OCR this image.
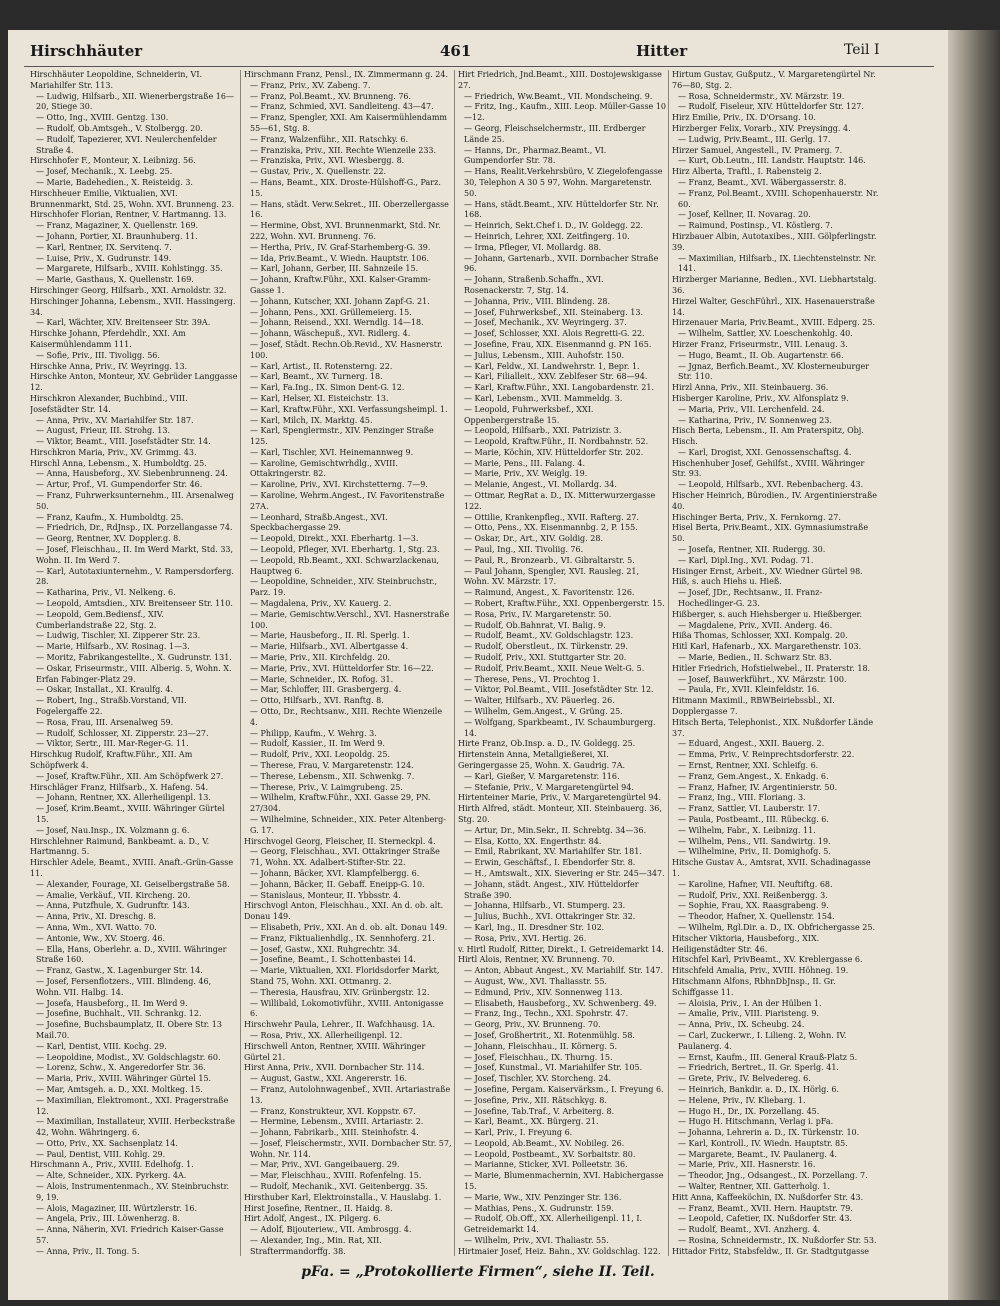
Hirschhäuter	461	Hitter	Teil I

Hirschhäuter Leopoldine, Schneiderin, VI. Mariahilfer Str. 113.

— Ludwig, Hilfsarb., XII. Wienerbergstraße 16—20, Stiege 30.

— Otto, Ing., XVIII. Gentzg. 130.

— Rudolf, Ob.Amtsgeh., V. Stolbergg. 20.

— Rudolf, Tapezierer, XVI. Neulerchenfelder Straße 4.

Hirschhofer F., Monteur, X. Leibnizg. 56.

— Josef, Mechanik., X. Leebg. 25.

— Marie, Badehedien., X. Reisteidg. 3.

Hirschheuer Emilie, Viktualien, XVI. Brunnenmarkt, Std. 25, Wohn. XVI. Brunneng. 23.

Hirschhofer Florian, Rentner, V. Hartmanng. 13.

— Franz, Magaziner, X. Quellenstr. 169.

— Johann, Portier, XI. Braunhuberg. 11.

— Karl, Rentner, IX. Servitenq. 7.

— Luise, Priv., X. Gudrunstr. 149.

— Margarete, Hilfsarb., XVIII. Kohlstingg. 35.

— Marie, Gasthaus, X. Quellenstr. 169.

Hirschinger Georg, Hilfsarb., XXI. Arnoldstr. 32.

Hirschinger Johanna, Lebensm., XVII. Hassingerg. 34.

— Karl, Wächter, XIV. Breitenseer Str. 39A.

Hirschke Johann, Pferdehdlr., XXI. Am Kaisermühlendamm 111.

— Sofie, Priv., III. Tivoligg. 56.

Hirschke Anna, Priv., IV. Weyringg. 13.

Hirschke Anton, Monteur, XV. Gebrüder Langgasse 12.

Hirschkron Alexander, Buchbind., VIII. Josefstädter Str. 14.

— Anna, Priv., XV. Mariahilfer Str. 187.

— August, Frieur, III. Strohg. 13.

— Viktor, Beamt., VIII. Josefstädter Str. 14.

Hirschkron Maria, Priv., XV. Grimmg. 43.

Hirschl Anna, Lebensm., X. Humboldtg. 25.

— Anna, Hausbeforg., XV. Siebenbrunneng. 24.

— Artur, Prof., VI. Gumpendorfer Str. 46.

— Franz, Fuhrwerksunternehm., III. Arsenalweg 50.

— Franz, Kaufm., X. Humboldtg. 25.

— Friedrich, Dr., RdJnsp., IX. Porzellangasse 74.

— Georg, Rentner, XV. Doppler.g. 8.

— Josef, Fleischhau., II. Im Werd Markt, Std. 33, Wohn. II. Im Werd 7.

— Karl, Autotaxiunternehm., V. Rampersdorferg. 28.

— Katharina, Priv., VI. Nelkeng. 6.

— Leopold, Amtsdien., XIV. Breitenseer Str. 110.

— Leopold, Gem.Bediensf., XIV. Cumberlandstraße 22, Stg. 2.

— Ludwig, Tischler, XI. Zipperer Str. 23.

— Marie, Hilfsarb., XV. Rosinag. 1—3.

— Moritz, Fabrikangestellte., X. Gudrunstr. 131.

— Oskar, Friseurmstr., VIII. Alberig. 5, Wohn. X. Erfan Fabinger-Platz 29.

— Oskar, Installat., XI. Kraulfg. 4.

— Robert, Ing., Straßb.Vorstand, VII. Fogelergaffe 22.

— Rosa, Frau, III. Arsenalweg 59.

— Rudolf, Schlosser, XI. Zipperstr. 23—27.

— Viktor, Sertr., III. Mar-Reger-G. 11.

Hirschkug Rudolf, Kraftw.Führ., XII. Am Schöpfwerk 4.

— Josef, Kraftw.Führ., XII. Am Schöpfwerk 27.

Hirschläger Franz, Hilfsarb., X. Hafeng. 54.

— Johann, Rentner, XX. Allerheiligenpl. 13.

— Josef, Krim.Beamt., XVIII. Währinger Gürtel 15.

— Josef, Nau.Insp., IX. Volzmann g. 6.

Hirschlehner Raimund, Bankbeamt. a. D., V. Hartmanng. 5.

Hirschler Adele, Beamt., XVIII. Anaft.-Grün-Gasse 11.

— Alexander, Fourage, XI. Geiselbergstraße 58.

— Amalie, Verkäuf., VII. Kircheng. 20.

— Anna, Putzfhule, X. Gudrunftr. 143.

— Anna, Priv., XI. Dreschg. 8.

— Anna, Wm., XVI. Watto. 70.

— Antonie, Ww., XV. Stoerg. 46.

— Ella, Hans, Oberlehr. a. D., XVIII. Währinger Straße 160.

— Franz, Gastw., X. Lagenburger Str. 14.

— Josef, Fersenflotzers., VIII. Blindeng. 46, Wohn. VII. Halbg. 14.

— Josefa, Hausbeforg., II. Im Werd 9.

— Josefine, Buchhalt., VII. Schrankg. 12.

— Josefine, Buchsbaumplatz, II. Obere Str. 13 Mail.70.

— Karl, Dentist, VIII. Kochg. 29.

— Leopoldine, Modist., XV. Goldschlagstr. 60.

— Lorenz, Schw., X. Angeredorfer Str. 36.

— Maria, Priv., XVIII. Währinger Gürtel 15.

— Mar, Amtsgeh. a. D., XXI. Moltkeg. 15.

— Maximilian, Elektromont., XXI. Pragerstraße 12.

— Maximilian, Installateur, XVIII. Herbeckstraße 42, Wohn. Währingerg. 6.

— Otto, Priv., XX. Sachsenplatz 14.

— Paul, Dentist, VIII. Kohlg. 29.

Hirschmann A., Priv., XVIII. Edelhofg. 1.

— Alte, Schneider., XIX. Pyrkerg. 4A.

— Alois, Instrumentenmach., XV. Steinbruchstr. 9, 19.

— Alois, Magaziner, III. Würtzlerstr. 16.

— Angela, Priv., III. Löwenherzg. 8.

— Anna, Näherin, XVI. Friedrich Kaiser-Gasse 57.

— Anna, Priv., II. Tong. 5.

Hirschmann Franz, Pensl., IX. Zimmermann g. 24.

— Franz, Priv., XV. Zabeng. 7.

— Franz, Pol.Beamt., XV. Brunneng. 76.

— Franz, Schmied, XVI. Sandleiteng. 43—47.

— Franz, Spengler, XXI. Am Kaisermühlendamm 55—61, Stg. 8.

— Franz, Walzenführ., XII. Ratschky. 6.

— Franziska, Priv., XII. Rechte Wienzeile 233.

— Franziska, Priv., XVI. Wiesbergg. 8.

— Gustav, Priv., X. Quellenstr. 22.

— Hans, Beamt., XIX. Droste-Hülshoff-G., Parz. 15.

— Hans, städt. Verw.Sekret., III. Oberzellergasse 16.

— Hermine, Obst, XVI. Brunnenmarkt, Std. Nr. 222, Wohn. XVI. Brunneng. 76.

— Hertha, Priv., IV. Graf-Starhemberg-G. 39.

— Ida, Priv.Beamt., V. Wiedn. Hauptstr. 106.

— Karl, Johann, Gerber, III. Sahnzeile 15.

— Johann, Kraftw.Führ., XXI. Kalser-Gramm-Gasse 1.

— Johann, Kutscher, XXI. Johann Zapf-G. 21.

— Johann, Pens., XXI. Grüllemeierg. 15.

— Johann, Reisend., XXI. Werndlg. 14—18.

— Johann, Wäschepuß., XVI. Ridlerg. 4.

— Josef, Städt. Rechn.Ob.Revid., XV. Hasnerstr. 100.

— Karl, Artist., II. Rotensterng. 22.

— Karl, Beamt., XV. Turnerg. 18.

— Karl, Fa.Ing., IX. Simon Dent-G. 12.

— Karl, Helser, XI. Eisteichstr. 13.

— Karl, Kraftw.Führ., XXI. Verfassungsheimpl. 1.

— Karl, Milch, IX. Marktg. 45.

— Karl, Spenglermstr., XIV. Penzinger Straße 125.

— Karl, Tischler, XVI. Heinemannweg 9.

— Karoline, Gemischtwrhdlg., XVIII. Ottakringerstr. 82.

— Karoline, Priv., XVI. Kirchstetterng. 7—9.

— Karoline, Wehrm.Angest., IV. Favoritenstraße 27A.

— Leonhard, Straßb.Angest., XVI. Speckbachergasse 29.

— Leopold, Direkt., XXI. Eberhartg. 1—3.

— Leopold, Pfleger, XVI. Eberhartg. 1, Stg. 23.

— Leopold, Rb.Beamt., XXI. Schwarzlackenau, Hauptweg 6.

— Leopoldine, Schneider., XIV. Steinbruchstr., Parz. 19.

— Magdalena, Priv., XV. Kauerg. 2.

— Marie, Gemischtw.Verschl., XVI. Hasnerstraße 100.

— Marie, Hausbeforg., II. Rl. Sperlg. 1.

— Marie, Hilfsarb., XVI. Albertgasse 4.

— Marie, Priv., XII. Kirchfeldg. 20.

— Marie, Priv., XVI. Hütteldorfer Str. 16—22.

— Marie, Schneider., IX. Rofog. 31.

— Mar, Schloffer, III. Grasbergerg. 4.

— Otto, Hilfsarb., XVI. Ranftg. 8.

— Otto, Dr., Rechtsanw., XIII. Rechte Wienzeile 4.

— Philipp, Kaufm., V. Wehrg. 3.

— Rudolf, Kassier., II. Im Werd 9.

— Rudolf, Priv., XXI. Leopoldg. 25.

— Therese, Frau, V. Margaretenstr. 124.

— Therese, Lebensm., XII. Schwenkg. 7.

— Therese, Priv., V. Laimgrubeng. 25.

— Wilhelm, Kraftw.Führ., XXI. Gasse 29, PN. 27/304.

— Wilhelmine, Schneider., XIX. Peter Altenberg-G. 17.

Hirschvogel Georg, Fleischer, II. Sterneckpl. 4.

— Georg, Fleischhau., XVI. Ottakringer Straße 71, Wohn. XX. Adalbert-Stifter-Str. 22.

— Johann, Bäcker, XVI. Klampfelbergg. 6.

— Johann, Bäcker, II. Gebaff. Eneipp-G. 10.

— Stanislaus, Monteur, II. Ybbsstr. 4.

Hirschvogl Anton, Fleischhau., XXI. An d. ob. alt. Donau 149.

— Elisabeth, Priv., XXI. An d. ob. alt. Donau 149.

— Franz, Fiktualienhdlg., IX. Sennhoferg. 21.

— Josef, Gastw., XXI. Ruhgrechtr. 34.

— Josefine, Beamt., I. Schottenbastei 14.

— Marie, Viktualien, XXI. Floridsdorfer Markt, Stand 75, Wohn. XXI. Ottmanrg. 2.

— Theresia, Hausfrau, XIV. Grünbergstr. 12.

— Willibald, Lokomotivführ., XVIII. Antonigasse 6.

Hirschwehr Paula, Lehrer., II. Wafchhausg. 1A.

— Rosa, Priv., XX. Allerheiligenpl. 12.

Hirschwell Anton, Rentner, XVIII. Währinger Gürtel 21.

Hirst Anna, Priv., XVII. Dornbacher Str. 114.

— August, Gastw., XXI. Angererstr. 16.

— Franz, Autolohnwagenbef., XVII. Artariastraße 13.

— Franz, Konstrukteur, XVI. Koppstr. 67.

— Hermine, Lebensm., XVIII. Artariastr. 2.

— Johann, Fabrikarb., XIII. Steinhofstr. 4.

— Josef, Fleischermstr., XVII. Dornbacher Str. 57, Wohn. Nr. 114.

— Mar, Priv., XVI. Gangeibauerg. 29.

— Mar, Fleischhau., XVIII. Rofenfelng. 15.

— Rudolf, Mechanik., XVI. Geitenbergg. 35.

Hirsthuber Karl, Elektroinstalla., V. Hauslabg. 1.

Hirst Josefine, Rentner., II. Haidg. 8.

Hirt Adolf, Angest., IX. Pilgerg. 6.

— Adolf, Bijouteriew., VII. Ambrosgg. 4.

— Alexander, Ing., Min. Rat, XII. Strafterrmandorffg. 38.

Hirt Friedrich, Jnd.Beamt., XIII. Dostojewskigasse 27.

— Friedrich, Ww.Beamt., VII. Mondscheing. 9.

— Fritz, Ing., Kaufm., XIII. Leop. Müller-Gasse 10—12.

— Georg, Fleischselchermstr., III. Erdberger Lände 25.

— Hanns, Dr., Pharmaz.Beamt., VI. Gumpendorfer Str. 78.

— Hans, Realit.Verkehrsbüro, V. Ziegelofengasse 30, Telephon A 30 5 97, Wohn. Margaretenstr. 50.

— Hans, städt.Beamt., XIV. Hütteldorfer Str. Nr. 168.

— Heinrich, Sekt.Chef i. D., IV. Goldegg. 22.

— Heinrich, Lehrer, XXI. Zeitfingerg. 10.

— Irma, Pfleger, VI. Mollardg. 88.

— Johann, Gartenarb., XVII. Dornbacher Straße 96.

— Johann, Straßenb.Schaffn., XVI. Rosenackerstr. 7, Stg. 14.

— Johanna, Priv., VIII. Blindeng. 28.

— Josef, Fuhrwerksbef., XII. Steinaberg. 13.

— Josef, Mechanik., XV. Weyringerg. 37.

— Josef, Schlosser, XXI. Alois Regretti-G. 22.

— Josefine, Frau, XIX. Eisenmannd g. PN 165.

— Julius, Lebensm., XIII. Auhofstr. 150.

— Karl, Feldw., XI. Landwehrstr. 1, Bepr. 1.

— Karl, Filialleit., XXV. Zeblfeser Str. 68—94.

— Karl, Kraftw.Führ., XXI. Langobardenstr. 21.

— Karl, Lebensm., XVII. Mammeldg. 3.

— Leopold, Fuhrwerksbef., XXI. Oppenbergerstraße 15.

— Leopold, Hilfsarb., XXI. Patrizistr. 3.

— Leopold, Kraftw.Führ., II. Nordbahnstr. 52.

— Marie, Köchin, XIV. Hütteldorfer Str. 202.

— Marie, Pens., III. Falang. 4.

— Marie, Priv., XV. Weiglg. 19.

— Melanie, Angest., VI. Mollardg. 34.

— Ottmar, RegRat a. D., IX. Mitterwurzergasse 122.

— Ottilie, Krankenpfleg., XVII. Rafterg. 27.

— Otto, Pens., XX. Eisenmannbg. 2, P. 155.

— Oskar, Dr., Art., XIV. Goldig. 28.

— Paul, Ing., XII. Tivoliig. 76.

— Paul, R., Bronzearb., VI. Gibraltarstr. 5.

— Paul Johann, Spengler, XVI. Rausleg. 21, Wohn. XV. Märzstr. 17.

— Raimund, Angest., X. Favoritenstr. 126.

— Robert, Kraftw.Führ., XXI. Oppenbergerstr. 15.

— Rosa, Priv., IV. Margaretenstr. 50.

— Rudolf, Ob.Bahnrat, VI. Balig. 9.

— Rudolf, Beamt., XV. Goldschlagstr. 123.

— Rudolf, Oberstleut., IX. Türkenstr. 29.

— Rudolf, Priv., XXI. Stuttgarter Str. 20.

— Rudolf, Priv.Beamt., XXII. Neue Welt-G. 5.

— Therese, Pens., VI. Prochtog 1.

— Viktor, Pol.Beamt., VIII. Josefstädter Str. 12.

— Walter, Hilfsarb., XV. Päuerleg. 26.

— Wilhelm, Gem.Angest., V. Grüng. 25.

— Wolfgang, Sparkbeamt., IV. Schaumburgerg. 14.

Hirte Franz, Ob.Insp. a. D., IV. Goldegg. 25.

Hirtenstein Anna, Metallgießerei, XI. Geringergasse 25, Wohn. X. Gaudrig. 7A.

— Karl, Gießer, V. Margaretenstr. 116.

— Stefanie, Priv., V. Margaretengürtel 94.

Hirtenteiner Marie, Priv., V. Margaretengürtel 94.

Hirth Alfred, städt. Monteur, XII. Steinbauerg. 36, Stg. 20.

— Artur, Dr., Min.Sekr., II. Schrebtg. 34—36.

— Elsa, Kotto, XX. Engerthstr. 84.

— Emil, Rabrikant, XV. Mariahilfer Str. 181.

— Erwin, Geschäftsf., I. Ebendorfer Str. 8.

— H., Amtswalt., XIX. Sievering er Str. 245—347.

— Johann, städt. Angest., XIV. Hütteldorfer Straße 390.

— Johanna, Hilfsarb., VI. Stumperg. 23.

— Julius, Buchh., XVI. Ottakringer Str. 32.

— Karl, Ing., II. Dresdner Str. 102.

— Rosa, Priv., XVI. Hertig. 26.

v. Hirtl Rudolf, Ritter, Direkt., I. Getreidemarkt 14.

Hirtl Alois, Rentner, XV. Brunneng. 70.

— Anton, Abbaut Angest., XV. Mariahilf. Str. 147.

— August, Ww., XVI. Thaliasstr. 55.

— Edmund, Priv., XIV. Sonnenweg 113.

— Elisabeth, Hausbeforg., XV. Schwenberg. 49.

— Franz, Ing., Techn., XXI. Spohrstr. 47.

— Georg, Priv., XV. Brunneng. 70.

— Josef, Großhertrit., XI. Rotenmühlg. 58.

— Johann, Fleischhau., II. Körnerg. 5.

— Josef, Fleischhau., IX. Thurng. 15.

— Josef, Kunstmal., VI. Mariahilfer Str. 105.

— Josef, Tischler, XV. Storcheng. 24.

— Josefine, Pergam. Kaiservärksm., I. Freyung 6.

— Josefine, Priv., XII. Rätschkyg. 8.

— Josefine, Tab.Traf., V. Arbeiterg. 8.

— Karl, Beamt., XX. Bürgerg. 21.

— Karl, Priv., I. Freyung 6.

— Leopold, Ab.Beamt., XV. Nobileg. 26.

— Leopold, Postbeamt., XV. Sorbaitstr. 80.

— Marianne, Sticker, XVI. Polleetstr. 36.

— Marie, Blumenmachernin, XVI. Habichergasse 15.

— Marie, Ww., XIV. Penzinger Str. 136.

— Mathias, Pens., X. Gudrunstr. 159.

— Rudolf, Ob.Off., XX. Allerheiligenpl. 11, I. Getreidemarkt 14.

— Wilhelm, Priv., XVI. Thaliastr. 55.

Hirtmaier Josef, Heiz. Bahn., XV. Goldschlag. 122.

Hirtum Gustav, Gußputz., V. Margaretengürtel Nr. 76—80, Stg. 2.

— Rosa, Schneidermstr., XV. Märzstr. 19.

— Rudolf, Fiseleur, XIV. Hütteldorfer Str. 127.

Hirz Emilie, Priv., IX. D'Orsang. 10.

Hirzberger Felix, Vorarb., XIV. Preysingg. 4.

— Ludwig, Priv.Beamt., III. Gerlg. 17.

Hirzer Samuel, Angestell., IV. Pramerg. 7.

— Kurt, Ob.Leutn., III. Landstr. Hauptstr. 146.

Hirz Alberta, Traftl., I. Rabensteig 2.

— Franz, Beamt., XVI. Wäbergasserstr. 8.

— Franz, Pol.Beamt., XVIII. Schopenhauerstr. Nr. 60.

— Josef, Kellner, II. Novarag. 20.

— Raimund, Postinsp., VI. Köstlerg. 7.

Hirzbauer Albin, Autotaxibes., XIII. Gölpferlingstr. 39.

— Maximilian, Hilfsarb., IX. Liechtensteinstr. Nr. 141.

Hirzberger Marianne, Bedien., XVI. Liebhartstalg. 36.

Hirzel Walter, GeschFührl., XIX. Hasenauerstraße 14.

Hirzenauer Maria, Priv.Beamt., XVIII. Edperg. 25.

— Wilhelm, Sattler, XV. Loeschenkohlg. 40.

Hirzer Franz, Friseurmstr., VIII. Lenaug. 3.

— Hugo, Beamt., II. Ob. Augartenstr. 66.

— Jgnaz, Berfich.Beamt., XV. Klosterneuburger Str. 110.

Hirzl Anna, Priv., XII. Steinbauerg. 36.

Hisberger Karoline, Priv., XV. Alfonsplatz 9.

— Maria, Priv., VII. Lerchenfeld. 24.

— Katharina, Priv., IV. Sonnenweg 23.

Hisch Berta, Lebensm., II. Am Praterspitz, Obj. Hisch.

— Karl, Drogist, XXI. Genossenschaftsg. 4.

Hischenhuber Josef, Gehilfst., XVIII. Währinger Str. 93.

— Leopold, Hilfsarb., XVI. Rebenbacherg. 43.

Hischer Heinrich, Bürodien., IV. Argentinierstraße 40.

Hischinger Berta, Priv., X. Fernkorng. 27.

Hisel Berta, Priv.Beamt., XIX. Gymnasiumstraße 50.

— Josefa, Rentner, XII. Rudergg. 30.

— Karl, Dipl.Ing., XVI. Podag. 71.

Hisinger Ernst, Arbeit., XV. Wiedner Gürtel 98.

Hiß, s. auch Hiehs u. Hieß.

— Josef, JDr., Rechtsanw., II. Franz-Hochedlinger-G. 23.

Hißberger, s. auch Hiehsberger u. Hießberger.

— Magdalene, Priv., XVII. Anderg. 46.

Hißa Thomas, Schlosser, XXI. Kompalg. 20.

Hitl Karl, Hafenarb., XX. Margarethenstr. 103.

— Marie, Bedien., II. Schwarz Str. 83.

Hitler Friedrich, Hofstielwebel., II. Praterstr. 18.

— Josef, Bauwerkführt., XV. Märzstr. 100.

— Paula, Fr., XVII. Kleinfeldstr. 16.

Hitmann Maximil., RBWBeiriebssbl., XI. Dopplergasse 7.

Hitsch Berta, Telephonist., XIX. Nußdorfer Lände 37.

— Eduard, Angest., XXII. Bauerg. 2.

— Emma, Priv., V. Reinprechtsdorferstr. 22.

— Ernst, Rentner, XXI. Schleifg. 6.

— Franz, Gem.Angest., X. Enkadg. 6.

— Franz, Hafner, IV. Argentinierstr. 50.

— Franz, Ing., VIII. Floriang. 3.

— Franz, Sattler, VI. Lauberstr. 17.

— Paula, Postbeamt., III. Rübeckg. 6.

— Wilhelm, Fabr., X. Leibnizg. 11.

— Wilhelm, Pens., VII. Sandwirtg. 19.

— Wilhelmine, Priv., II. Domighofg. 5.

Hitsche Gustav A., Amtsrat, XVII. Schadinagasse 1.

— Karoline, Hafner, VII. Neuftiftg. 68.

— Rudolf, Priv., XXI. Reißenbergg. 3.

— Sophie, Frau, XX. Raasgrabeng. 9.

— Theodor, Hafner, X. Quellenstr. 154.

— Wilhelm, Rgl.Dir. a. D., IX. Obfrichergasse 25.

Hitscher Viktoria, Hausbeforg., XIX. Heiligenstädter Str. 46.

Hitschfel Karl, PrivBeamt., XV. Kreblergasse 6.

Hitschfeld Amalia, Priv., XVIII. Höhneg. 19.

Hitschmann Alfons, RbhnDbJnsp., II. Gr. Schiffgasse 11.

— Aloisia, Priv., I. An der Hülben 1.

— Amalie, Priv., VIII. Piaristeng. 9.

— Anna, Priv., IX. Scheubg. 24.

— Carl, Zuckerwr., I. Lilieng. 2, Wohn. IV. Paulanerg. 4.

— Ernst, Kaufm., III. General Krauß-Platz 5.

— Friedrich, Bertret., II. Gr. Sperlg. 41.

— Grete, Priv., IV. Belvedereg. 6.

— Heinrich, Bankdir. a. D., IX. Hörlg. 6.

— Helene, Priv., IV. Kliebarg. 1.

— Hugo H., Dr., IX. Porzellang. 45.

— Hugo H. Hitschmann, Verlag i. pFa.

— Johanna, Lehrerin a. D., IX. Türkenstr. 10.

— Karl, Kontroll., IV. Wiedn. Hauptstr. 85.

— Margarete, Beamt., IV. Paulanerg. 4.

— Marie, Priv., XII. Hasnerstr. 16.

— Theodor, Jng., Odsangest., IX. Porzellang. 7.

— Walter, Rentner, XII. Gatterholg. 1.

Hitt Anna, Kaffeeköchin, IX. Nußdorfer Str. 43.

— Franz, Beamt., XVII. Hern. Hauptstr. 79.

— Leopold, Cafetier, IX. Nußdorfer Str. 43.

— Rudolf, Beamt., XVI. Anzherg. 4.

— Rosina, Schneidermstr., IX. Nußdorfer Str. 53.

Hittador Fritz, Stabsfeldw., II. Gr. Stadtgutgasse

pFa. = „Protokollierte Firmen“, siehe II. Teil.
